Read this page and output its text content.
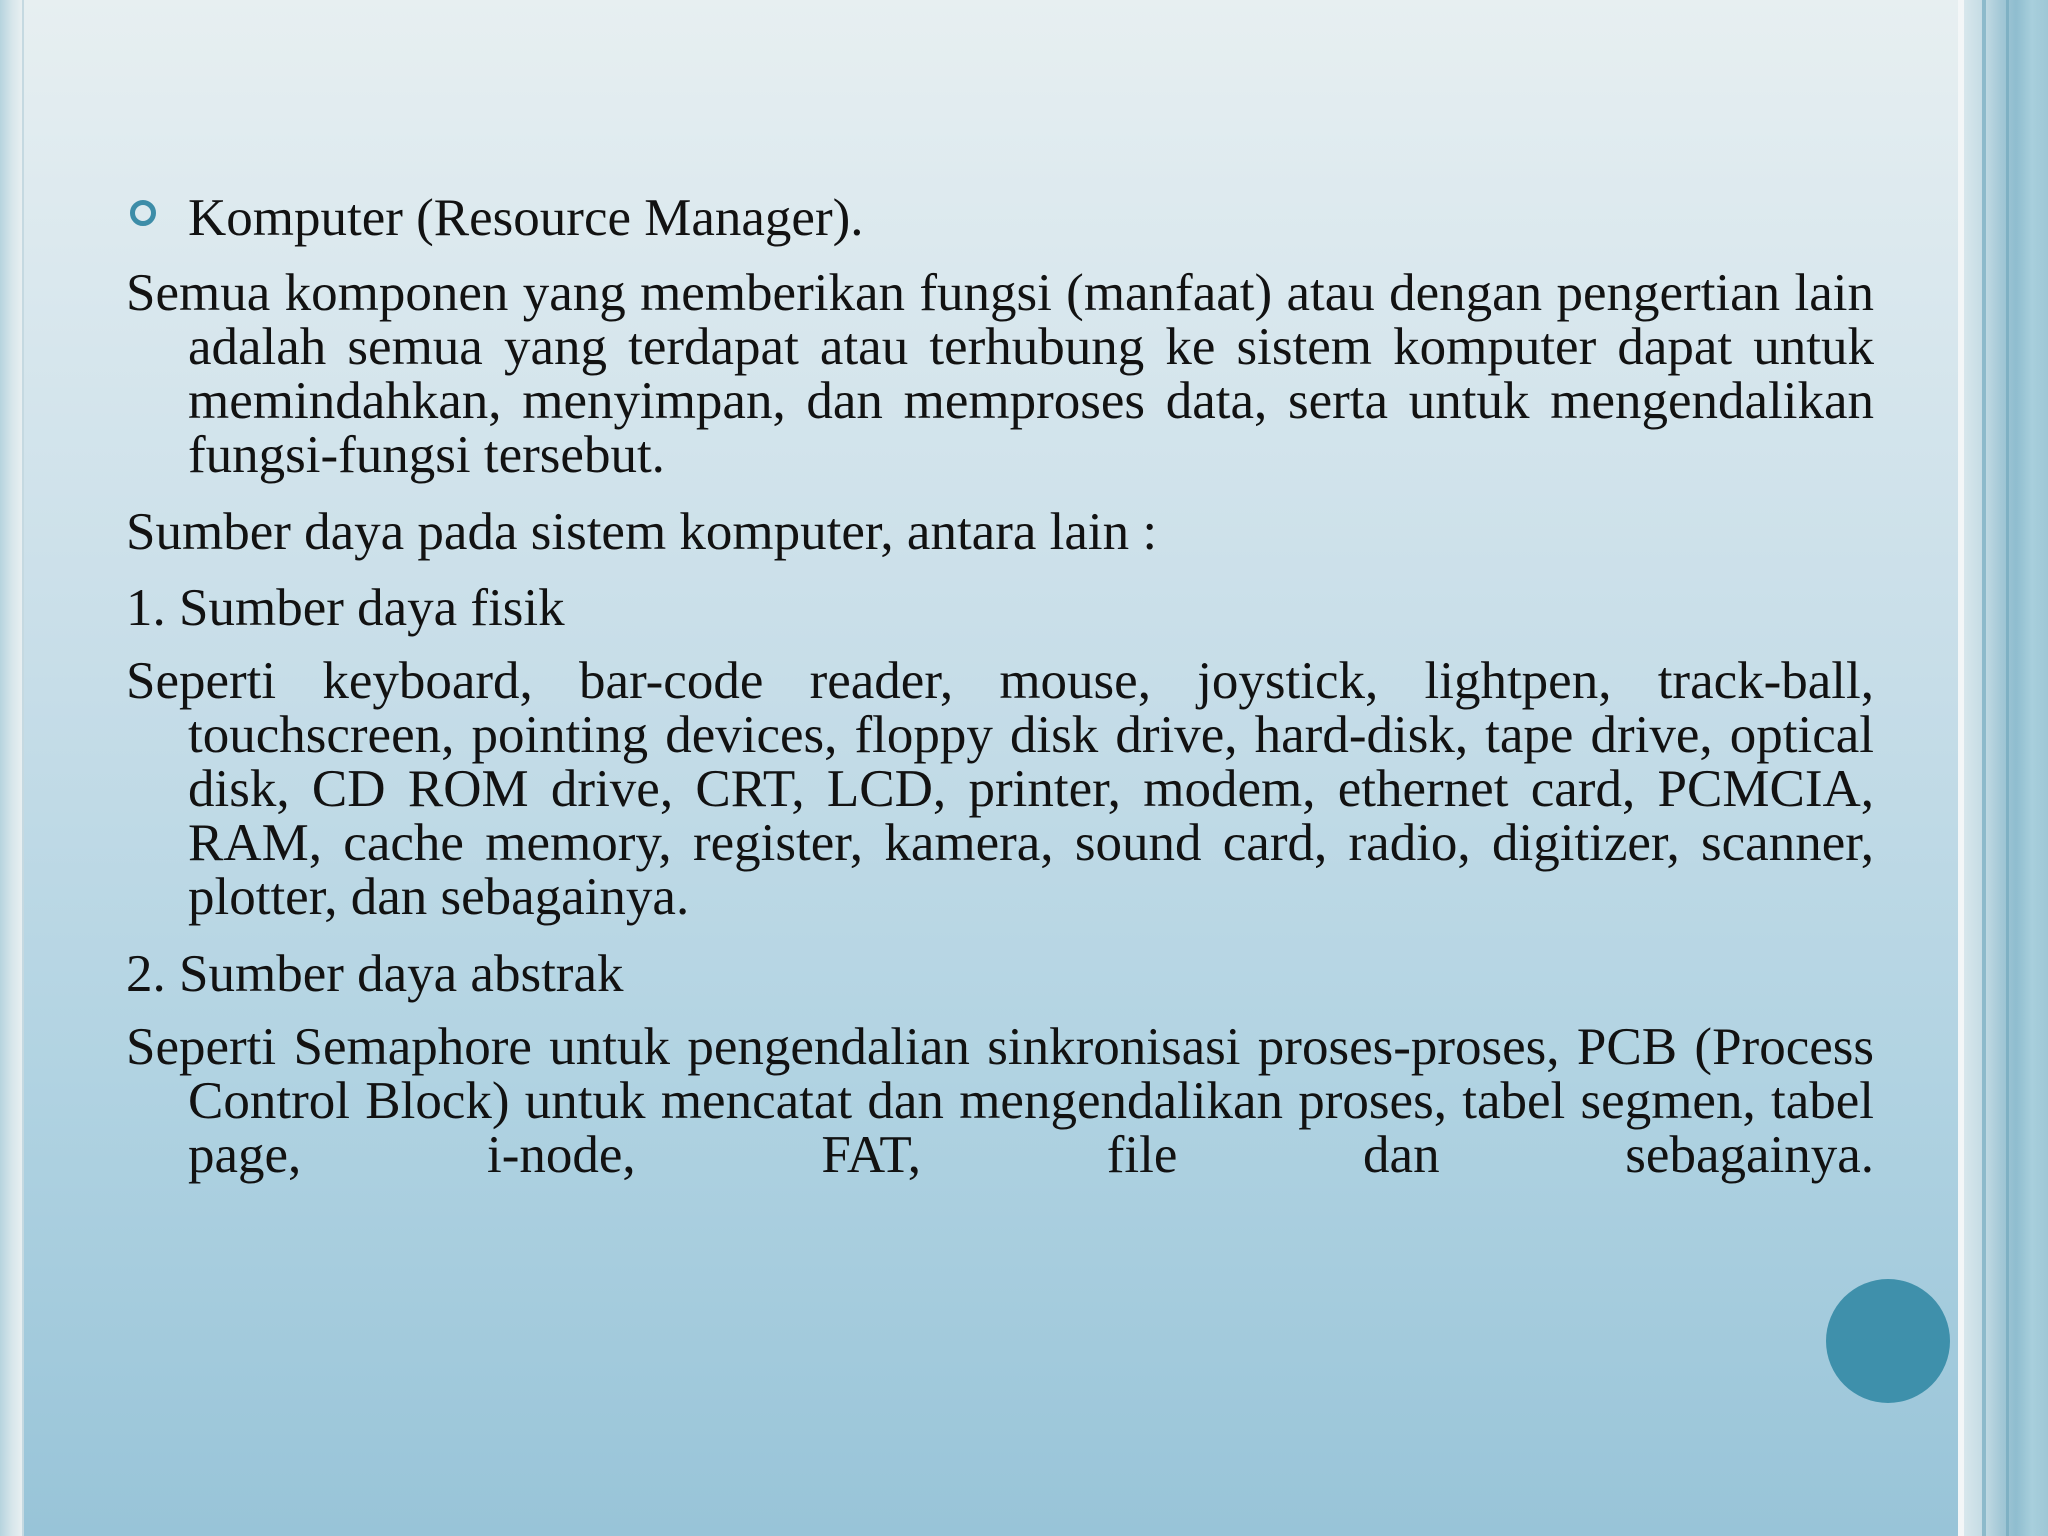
Komputer (Resource Manager).

Semua komponen yang memberikan fungsi (manfaat) atau dengan pengertian lain adalah semua yang terdapat atau terhubung ke sistem komputer dapat untuk memindahkan, menyimpan, dan memproses data, serta untuk mengendalikan fungsi-fungsi tersebut.

Sumber daya pada sistem komputer, antara lain :

1. Sumber daya fisik

Seperti keyboard, bar-code reader, mouse, joystick, lightpen, track-ball, touchscreen, pointing devices, floppy disk drive, hard-disk, tape drive, optical disk, CD ROM drive, CRT, LCD, printer, modem, ethernet card, PCMCIA, RAM, cache memory, register, kamera, sound card, radio, digitizer, scanner, plotter, dan sebagainya.

2. Sumber daya abstrak

Seperti Semaphore untuk pengendalian sinkronisasi proses-proses, PCB (Process Control Block) untuk mencatat dan mengendalikan proses, tabel segmen, tabel page, i-node, FAT, file dan sebagainya.
